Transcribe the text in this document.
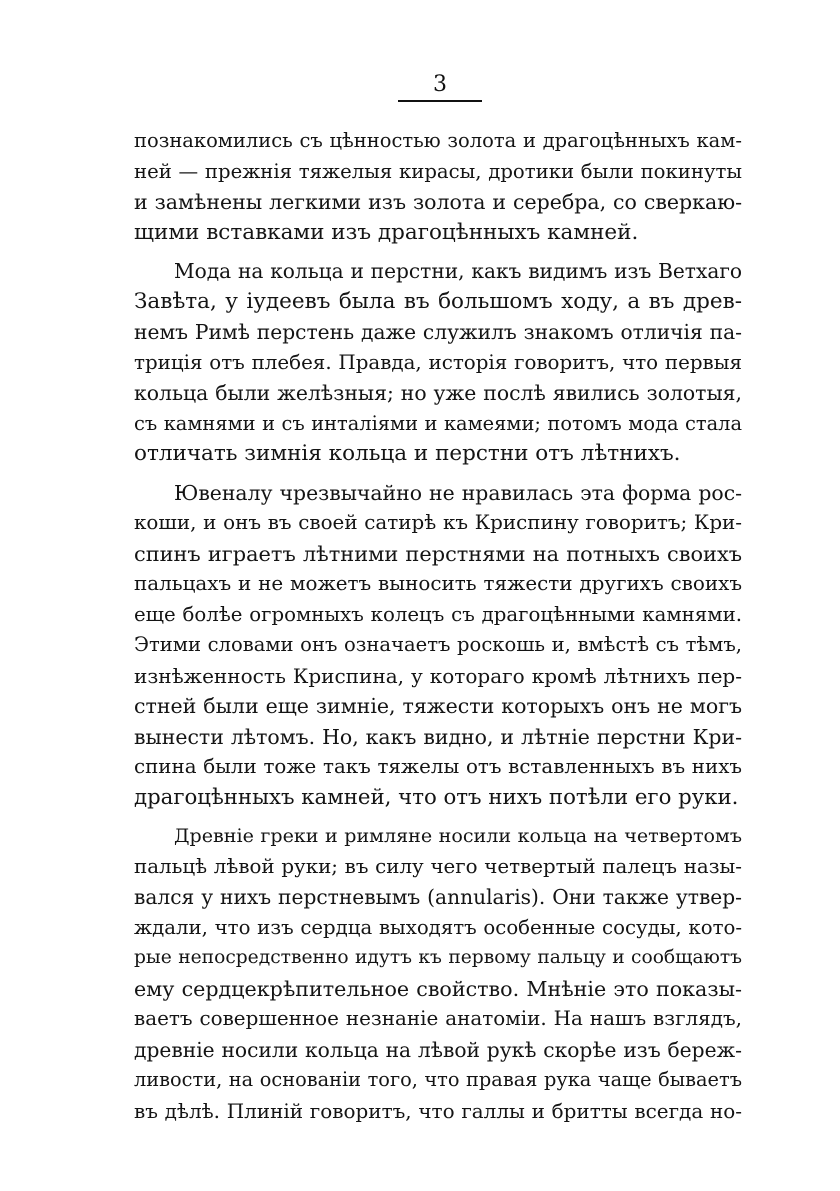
3
познакомились съ цѣнностью золота и драгоцѣнныхъ кам-
ней — прежнія тяжелыя кирасы, дротики были покинуты
и замѣнены легкими изъ золота и серебра, со сверкаю-
щими вставками изъ драгоцѣнныхъ камней.
Мода на кольца и перстни, какъ видимъ изъ Ветхаго
Завѣта, у іудеевъ была въ большомъ ходу, а въ древ-
немъ Римѣ перстень даже служилъ знакомъ отличія па-
триція отъ плебея. Правда, исторія говоритъ, что первыя
кольца были желѣзныя; но уже послѣ явились золотыя,
съ камнями и съ инталіями и камеями; потомъ мода стала
отличать зимнія кольца и перстни отъ лѣтнихъ.
Ювеналу чрезвычайно не нравилась эта форма рос-
коши, и онъ въ своей сатирѣ къ Криспину говоритъ; Кри-
спинъ играетъ лѣтними перстнями на потныхъ своихъ
пальцахъ и не можетъ выносить тяжести другихъ своихъ
еще болѣе огромныхъ колецъ съ драгоцѣнными камнями.
Этими словами онъ означаетъ роскошь и, вмѣстѣ съ тѣмъ,
изнѣженность Криспина, у котораго кромѣ лѣтнихъ пер-
стней были еще зимніе, тяжести которыхъ онъ не могъ
вынести лѣтомъ. Но, какъ видно, и лѣтніе перстни Кри-
спина были тоже такъ тяжелы отъ вставленныхъ въ нихъ
драгоцѣнныхъ камней, что отъ нихъ потѣли его руки.
Древніе греки и римляне носили кольца на четвертомъ
пальцѣ лѣвой руки; въ силу чего четвертый палецъ назы-
вался у нихъ перстневымъ (annularis). Они также утвер-
ждали, что изъ сердца выходятъ особенные сосуды, кото-
рые непосредственно идутъ къ первому пальцу и сообщаютъ
ему сердцекрѣпительное свойство. Мнѣніе это показы-
ваетъ совершенное незнаніе анатоміи. На нашъ взглядъ,
древніе носили кольца на лѣвой рукѣ скорѣе изъ береж-
ливости, на основаніи того, что правая рука чаще бываетъ
въ дѣлѣ. Плиній говоритъ, что галлы и бритты всегда но-
